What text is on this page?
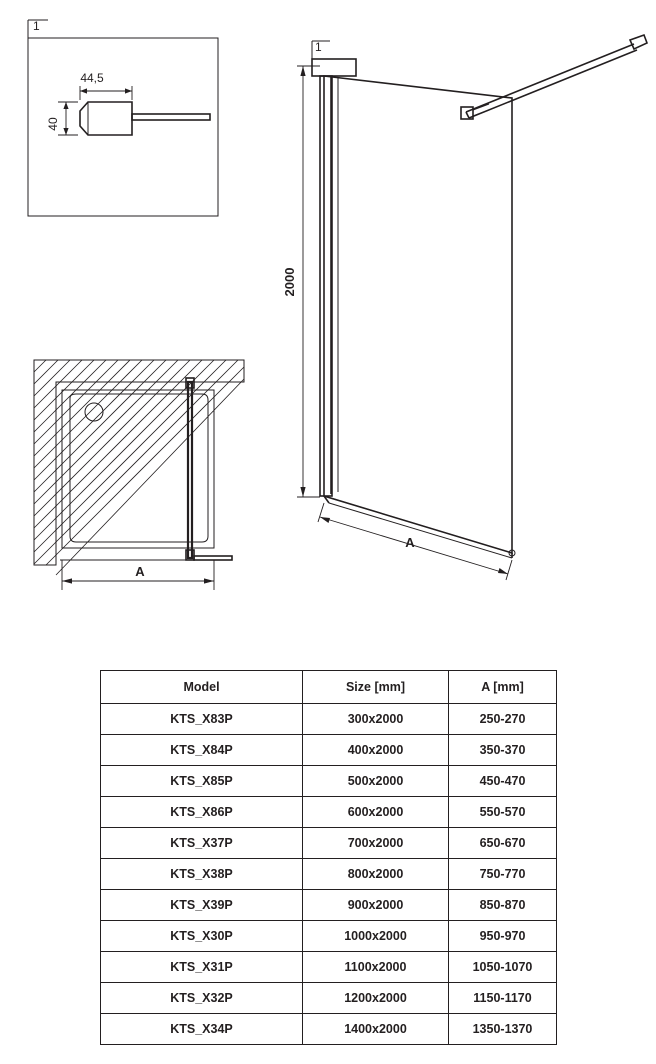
1
44,5
40
1
2000
A
A
Model	Size [mm]	A [mm]
KTS_X83P	300x2000	250-270
KTS_X84P	400x2000	350-370
KTS_X85P	500x2000	450-470
KTS_X86P	600x2000	550-570
KTS_X37P	700x2000	650-670
KTS_X38P	800x2000	750-770
KTS_X39P	900x2000	850-870
KTS_X30P	1000x2000	950-970
KTS_X31P	1100x2000	1050-1070
KTS_X32P	1200x2000	1150-1170
KTS_X34P	1400x2000	1350-1370
